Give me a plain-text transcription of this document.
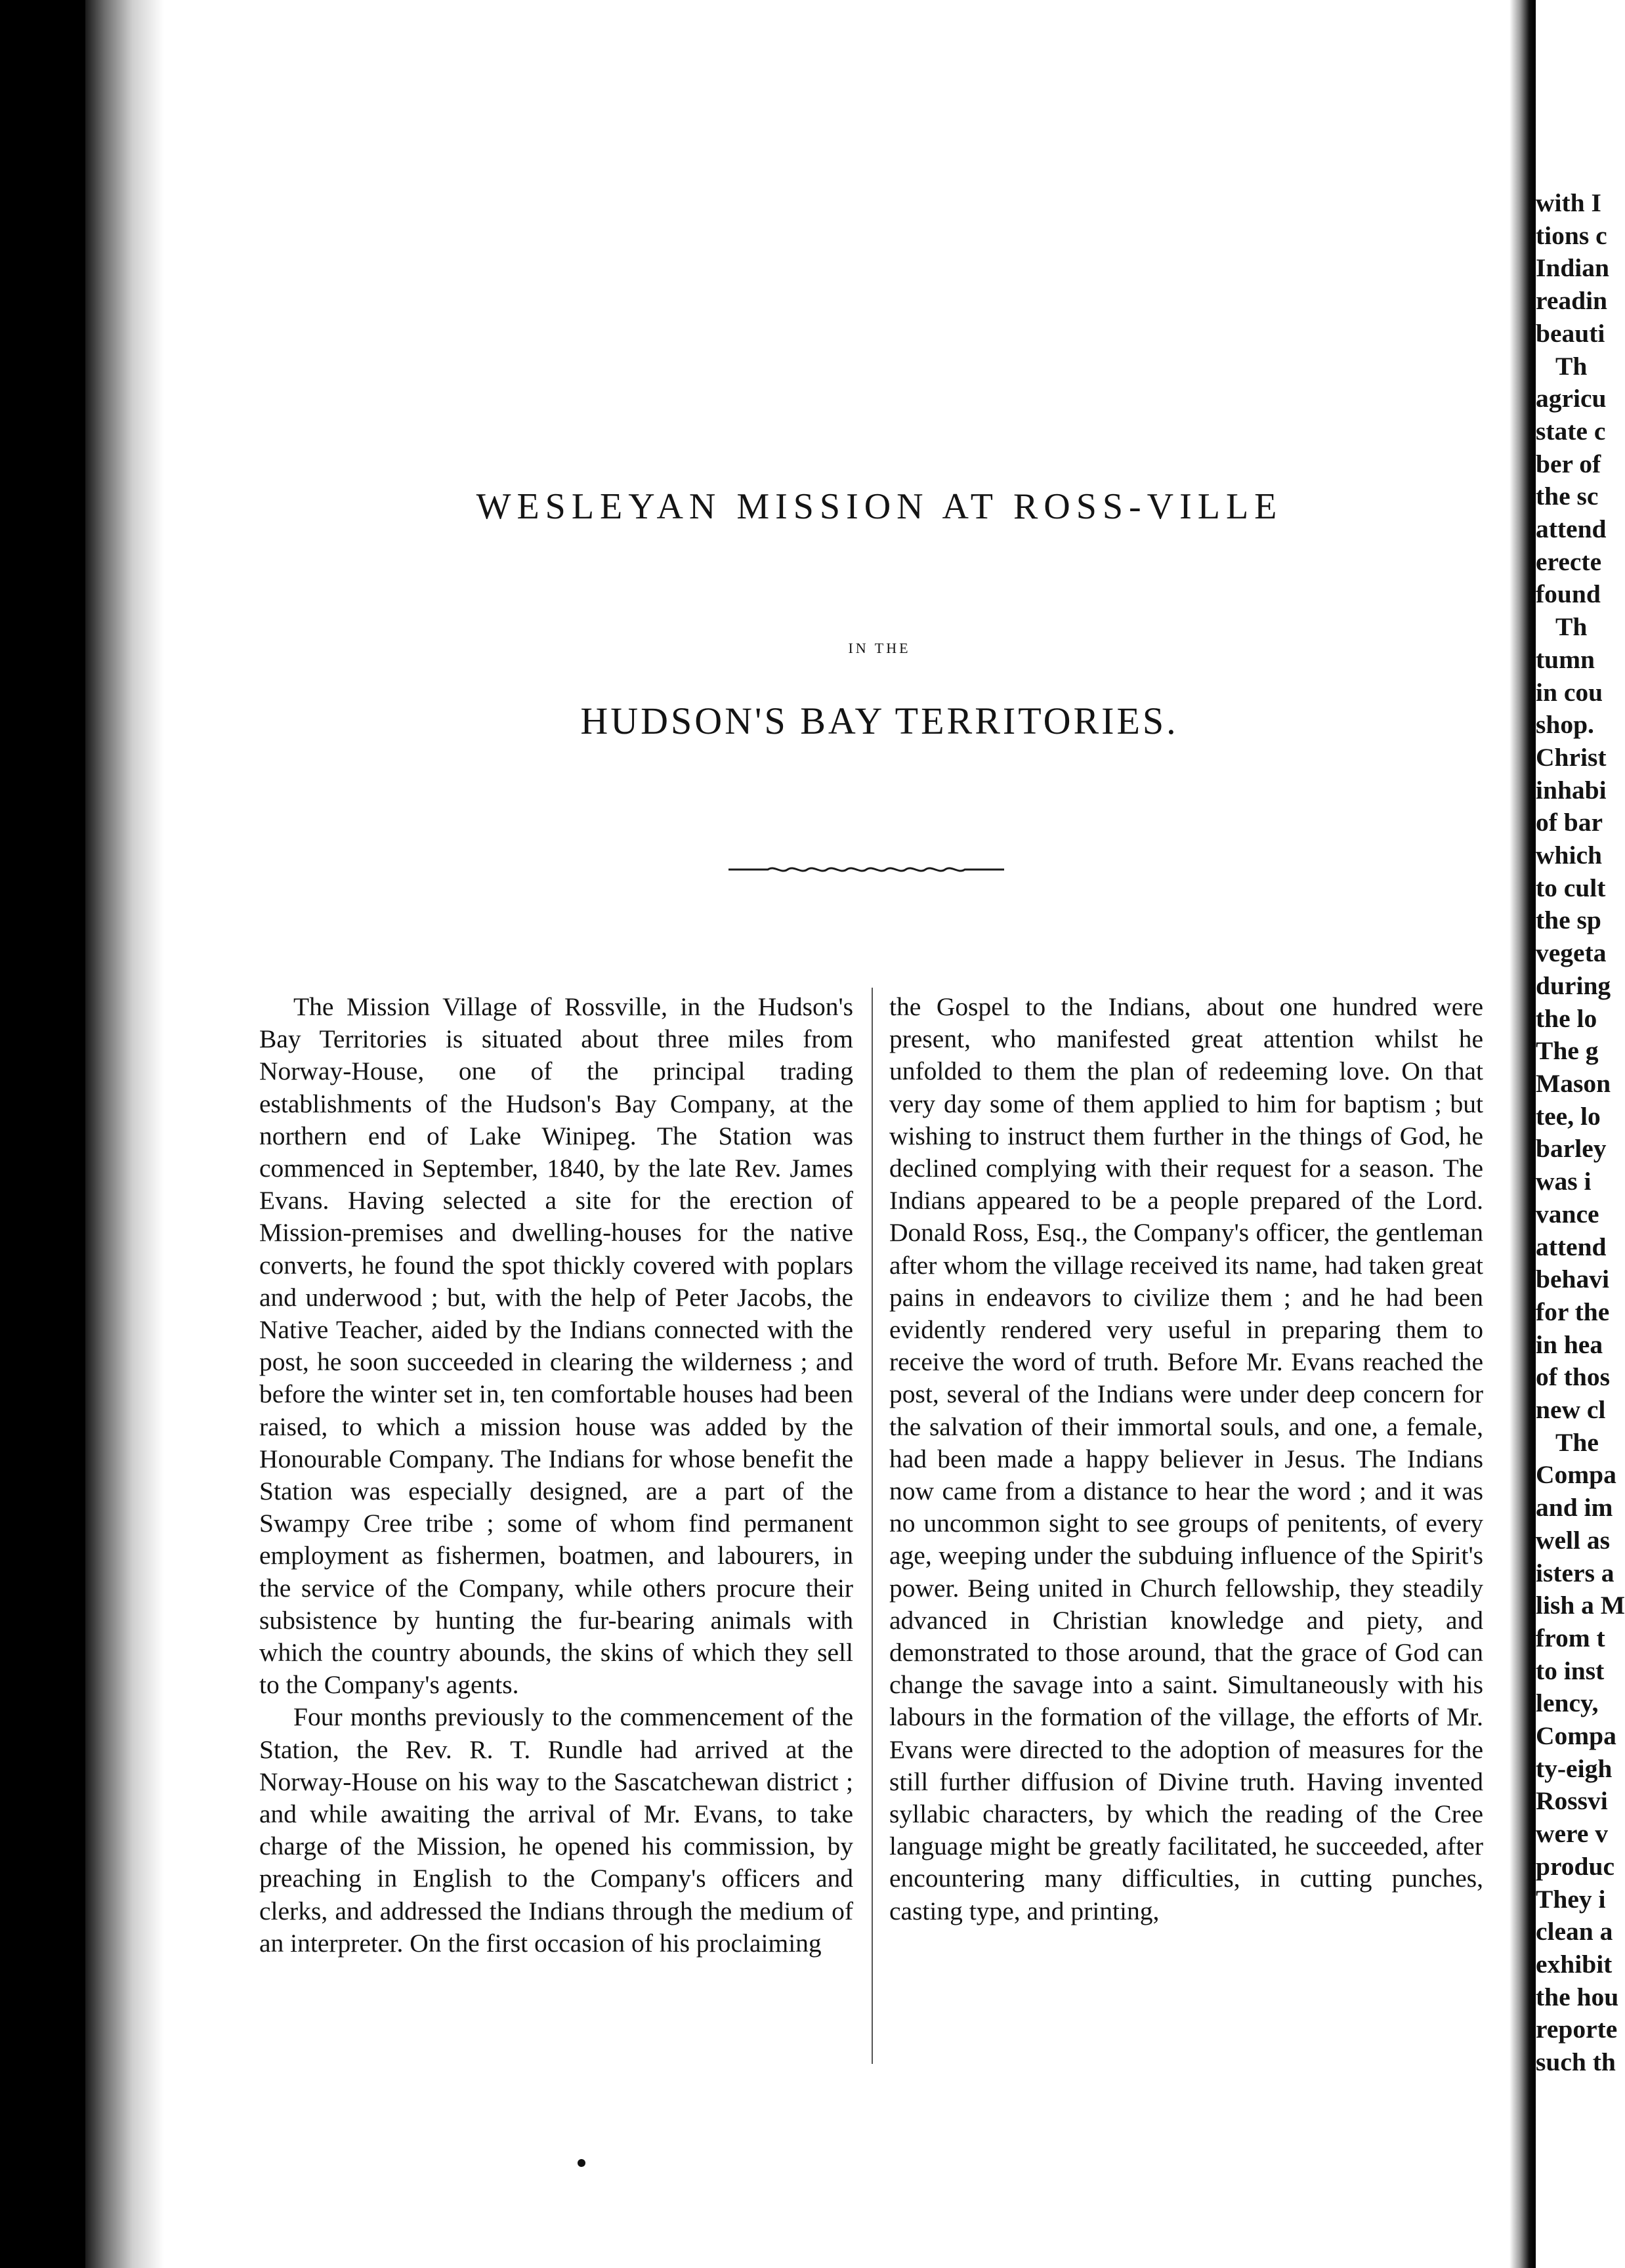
WESLEYAN MISSION AT ROSS-VILLE
IN THE
HUDSON'S BAY TERRITORIES.

The Mission Village of Rossville, in the Hudson's Bay Territories is situated about three miles from Norway-House, one of the principal trading establishments of the Hudson's Bay Company, at the northern end of Lake Winipeg. The Station was commenced in September, 1840, by the late Rev. James Evans. Having selected a site for the erection of Mission-premises and dwelling-houses for the native converts, he found the spot thickly covered with poplars and underwood ; but, with the help of Peter Jacobs, the Native Teacher, aided by the Indians connected with the post, he soon succeeded in clearing the wilderness ; and before the winter set in, ten comfortable houses had been raised, to which a mission house was added by the Honourable Company. The Indians for whose benefit the Station was especially designed, are a part of the Swampy Cree tribe ; some of whom find permanent employment as fishermen, boatmen, and labourers, in the service of the Company, while others procure their subsistence by hunting the fur-bearing animals with which the country abounds, the skins of which they sell to the Company's agents.

Four months previously to the commencement of the Station, the Rev. R. T. Rundle had arrived at the Norway-House on his way to the Sascatchewan district ; and while awaiting the arrival of Mr. Evans, to take charge of the Mission, he opened his commission, by preaching in English to the Company's officers and clerks, and addressed the Indians through the medium of an interpreter. On the first occasion of his proclaiming

the Gospel to the Indians, about one hundred were present, who manifested great attention whilst he unfolded to them the plan of redeeming love. On that very day some of them applied to him for baptism ; but wishing to instruct them further in the things of God, he declined complying with their request for a season. The Indians appeared to be a people prepared of the Lord. Donald Ross, Esq., the Company's officer, the gentleman after whom the village received its name, had taken great pains in endeavors to civilize them ; and he had been evidently rendered very useful in preparing them to receive the word of truth. Before Mr. Evans reached the post, several of the Indians were under deep concern for the salvation of their immortal souls, and one, a female, had been made a happy believer in Jesus. The Indians now came from a distance to hear the word ; and it was no uncommon sight to see groups of penitents, of every age, weeping under the subduing influence of the Spirit's power. Being united in Church fellowship, they steadily advanced in Christian knowledge and piety, and demonstrated to those around, that the grace of God can change the savage into a saint. Simultaneously with his labours in the formation of the village, the efforts of Mr. Evans were directed to the adoption of measures for the still further diffusion of Divine truth. Having invented syllabic characters, by which the reading of the Cree language might be greatly facilitated, he succeeded, after encountering many difficulties, in cutting punches, casting type, and printing,

with I
tions c
Indian
readin
beauti
Th
agricu
state c
ber of
the sc
attend
erecte
found
Th
tumn
in cou
shop.
Christ
inhabi
of bar
which
to cult
the sp
vegeta
during
the lo
The g
Mason
tee, lo
barley
was i
vance
attend
behavi
for the
in hea
of thos
new cl
The
Compa
and im
well as
isters a
lish a M
from t
to inst
lency,
Compa
ty-eigh
Rossvi
were v
produc
They i
clean a
exhibit
the hou
reporte
such th
